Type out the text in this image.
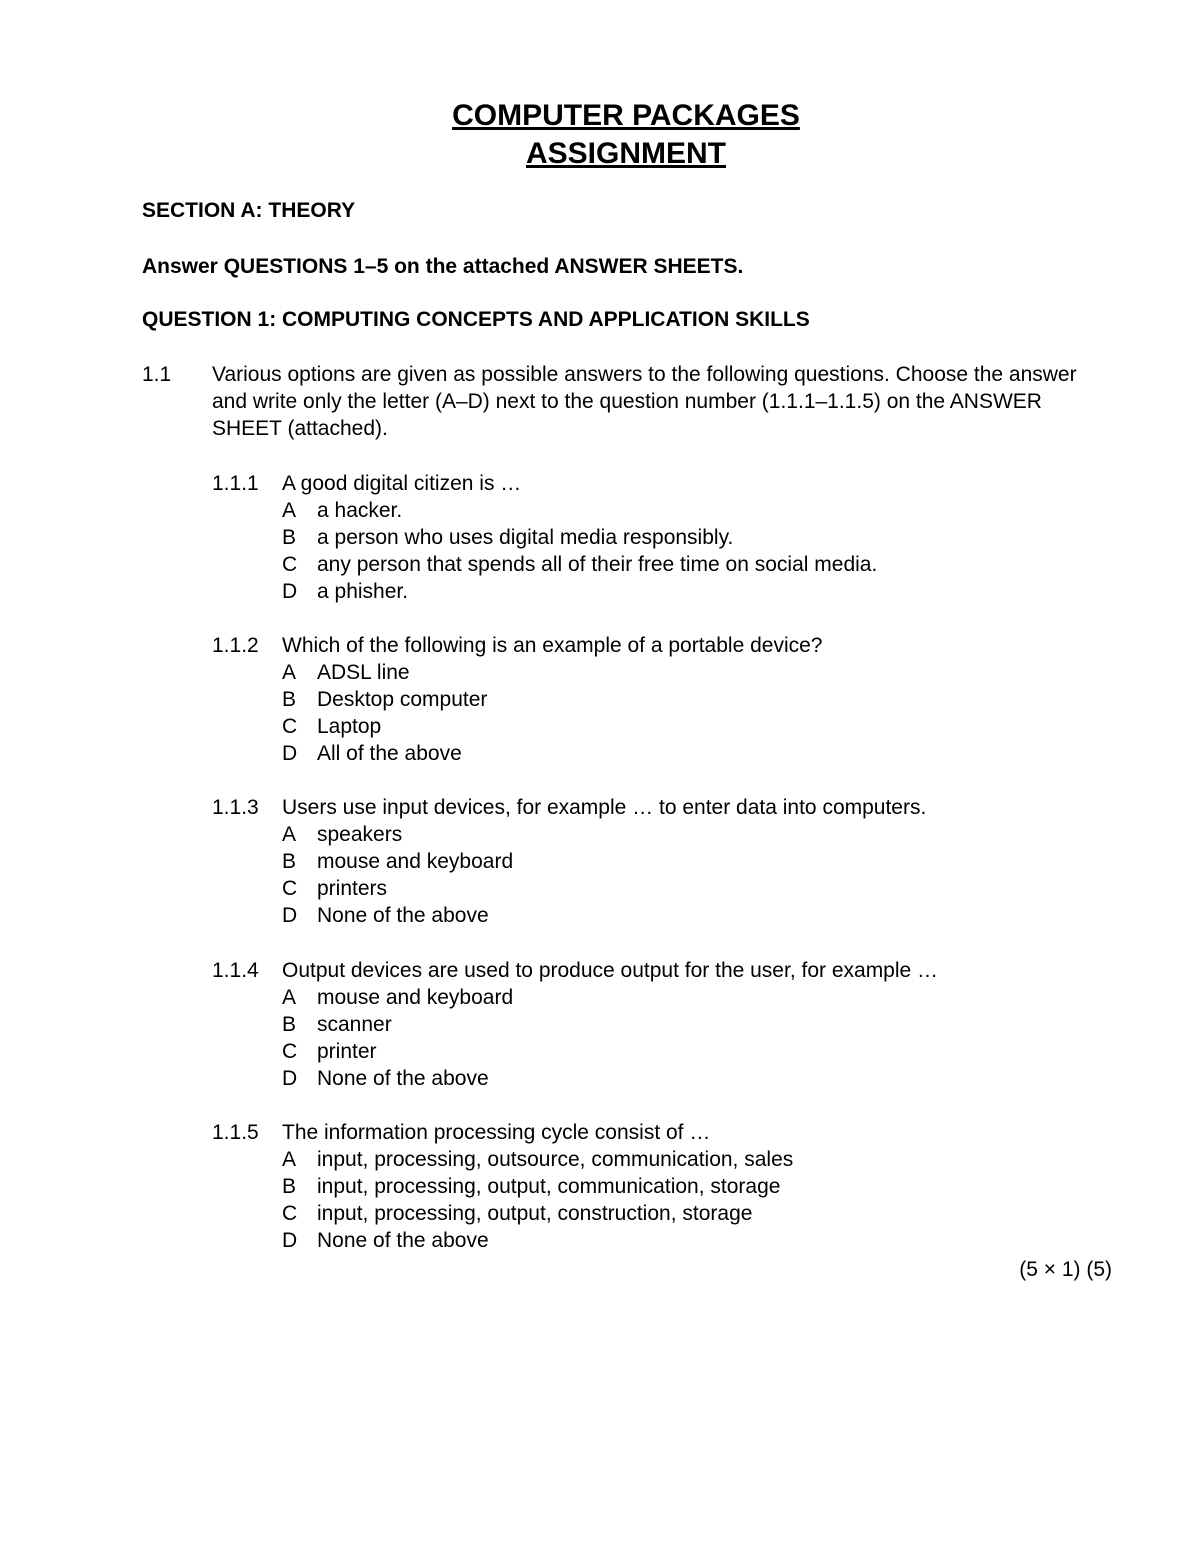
COMPUTER PACKAGES
ASSIGNMENT
SECTION A: THEORY
Answer QUESTIONS 1–5 on the attached ANSWER SHEETS.
QUESTION 1: COMPUTING CONCEPTS AND APPLICATION SKILLS
1.1 Various options are given as possible answers to the following questions. Choose the answer and write only the letter (A–D) next to the question number (1.1.1–1.1.5) on the ANSWER SHEET (attached).
1.1.1	A good digital citizen is …
A a hacker.
B a person who uses digital media responsibly.
C any person that spends all of their free time on social media.
D a phisher.
1.1.2	Which of the following is an example of a portable device?
A ADSL line
B Desktop computer
C Laptop
D All of the above
1.1.3	Users use input devices, for example … to enter data into computers.
A speakers
B mouse and keyboard
C printers
D None of the above
1.1.4	Output devices are used to produce output for the user, for example …
A mouse and keyboard
B scanner
C printer
D None of the above
1.1.5	The information processing cycle consist of …
A input, processing, outsource, communication, sales
B input, processing, output, communication, storage
C input, processing, output, construction, storage
D None of the above
(5 × 1) (5)
